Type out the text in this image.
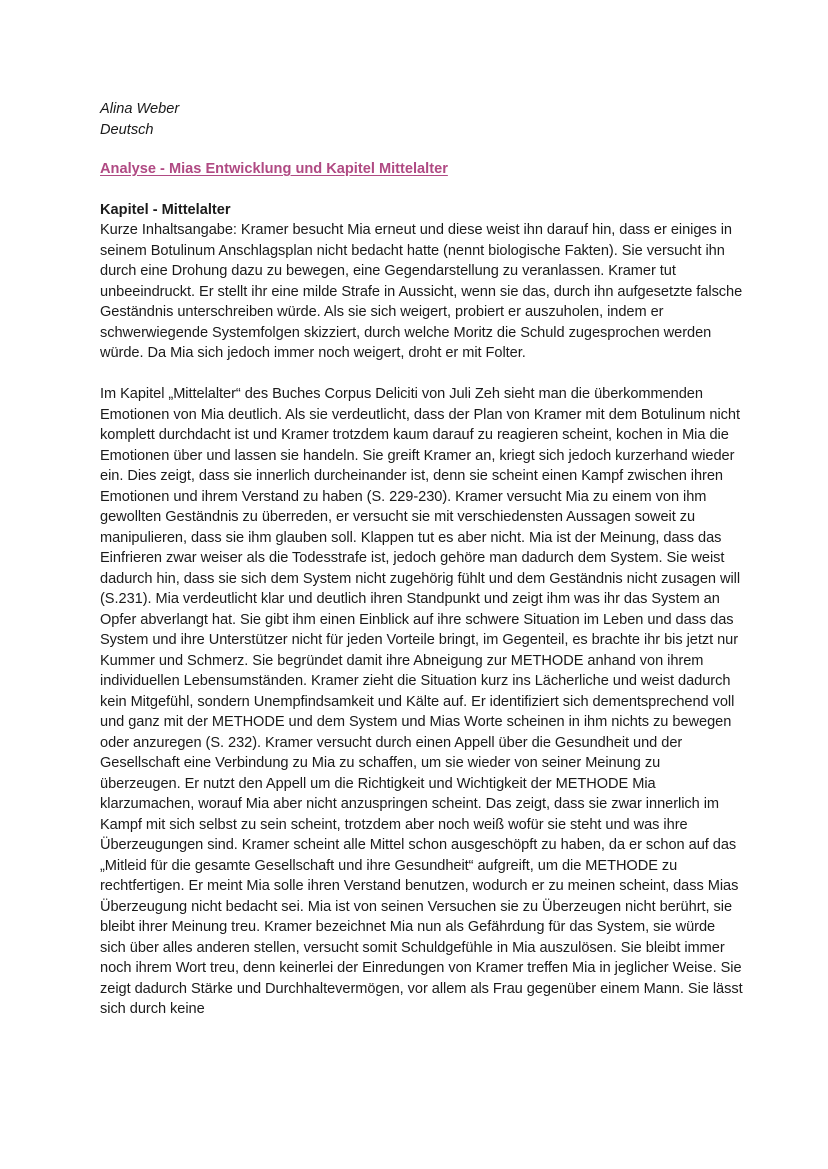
Alina Weber
Deutsch
Analyse - Mias Entwicklung und Kapitel Mittelalter
Kapitel - Mittelalter

Kurze Inhaltsangabe: Kramer besucht Mia erneut und diese weist ihn darauf hin, dass er einiges in seinem Botulinum Anschlagsplan nicht bedacht hatte (nennt biologische Fakten). Sie versucht ihn durch eine Drohung dazu zu bewegen, eine Gegendarstellung zu veranlassen. Kramer tut unbeeindruckt. Er stellt ihr eine milde Strafe in Aussicht, wenn sie das, durch ihn aufgesetzte falsche Geständnis unterschreiben würde. Als sie sich weigert, probiert er auszuholen, indem er schwerwiegende Systemfolgen skizziert, durch welche Moritz die Schuld zugesprochen werden würde. Da Mia sich jedoch immer noch weigert, droht er mit Folter.

Im Kapitel „Mittelalter“ des Buches Corpus Deliciti von Juli Zeh sieht man die überkommenden Emotionen von Mia deutlich. Als sie verdeutlicht, dass der Plan von Kramer mit dem Botulinum nicht komplett durchdacht ist und Kramer trotzdem kaum darauf zu reagieren scheint, kochen in Mia die Emotionen über und lassen sie handeln. Sie greift Kramer an, kriegt sich jedoch kurzerhand wieder ein. Dies zeigt, dass sie innerlich durcheinander ist, denn sie scheint einen Kampf zwischen ihren Emotionen und ihrem Verstand zu haben (S. 229-230). Kramer versucht Mia zu einem von ihm gewollten Geständnis zu überreden, er versucht sie mit verschiedensten Aussagen soweit zu manipulieren, dass sie ihm glauben soll. Klappen tut es aber nicht. Mia ist der Meinung, dass das Einfrieren zwar weiser als die Todesstrafe ist, jedoch gehöre man dadurch dem System. Sie weist dadurch hin, dass sie sich dem System nicht zugehörig fühlt und dem Geständnis nicht zusagen will (S.231). Mia verdeutlicht klar und deutlich ihren Standpunkt und zeigt ihm was ihr das System an Opfer abverlangt hat. Sie gibt ihm einen Einblick auf ihre schwere Situation im Leben und dass das System und ihre Unterstützer nicht für jeden Vorteile bringt, im Gegenteil, es brachte ihr bis jetzt nur Kummer und Schmerz. Sie begründet damit ihre Abneigung zur METHODE anhand von ihrem individuellen Lebensumständen. Kramer zieht die Situation kurz ins Lächerliche und weist dadurch kein Mitgefühl, sondern Unempfindsamkeit und Kälte auf. Er identifiziert sich dementsprechend voll und ganz mit der METHODE und dem System und Mias Worte scheinen in ihm nichts zu bewegen oder anzuregen (S. 232). Kramer versucht durch einen Appell über die Gesundheit und der Gesellschaft eine Verbindung zu Mia zu schaffen, um sie wieder von seiner Meinung zu überzeugen. Er nutzt den Appell um die Richtigkeit und Wichtigkeit der METHODE Mia klarzumachen, worauf Mia aber nicht anzuspringen scheint. Das zeigt, dass sie zwar innerlich im Kampf mit sich selbst zu sein scheint, trotzdem aber noch weiß wofür sie steht und was ihre Überzeugungen sind. Kramer scheint alle Mittel schon ausgeschöpft zu haben, da er schon auf das „Mitleid für die gesamte Gesellschaft und ihre Gesundheit“ aufgreift, um die METHODE zu rechtfertigen. Er meint Mia solle ihren Verstand benutzen, wodurch er zu meinen scheint, dass Mias Überzeugung nicht bedacht sei. Mia ist von seinen Versuchen sie zu Überzeugen nicht berührt, sie bleibt ihrer Meinung treu. Kramer bezeichnet Mia nun als Gefährdung für das System, sie würde sich über alles anderen stellen, versucht somit Schuldgefühle in Mia auszulösen. Sie bleibt immer noch ihrem Wort treu, denn keinerlei der Einredungen von Kramer treffen Mia in jeglicher Weise. Sie zeigt dadurch Stärke und Durchhaltevermögen, vor allem als Frau gegenüber einem Mann. Sie lässt sich durch keine
